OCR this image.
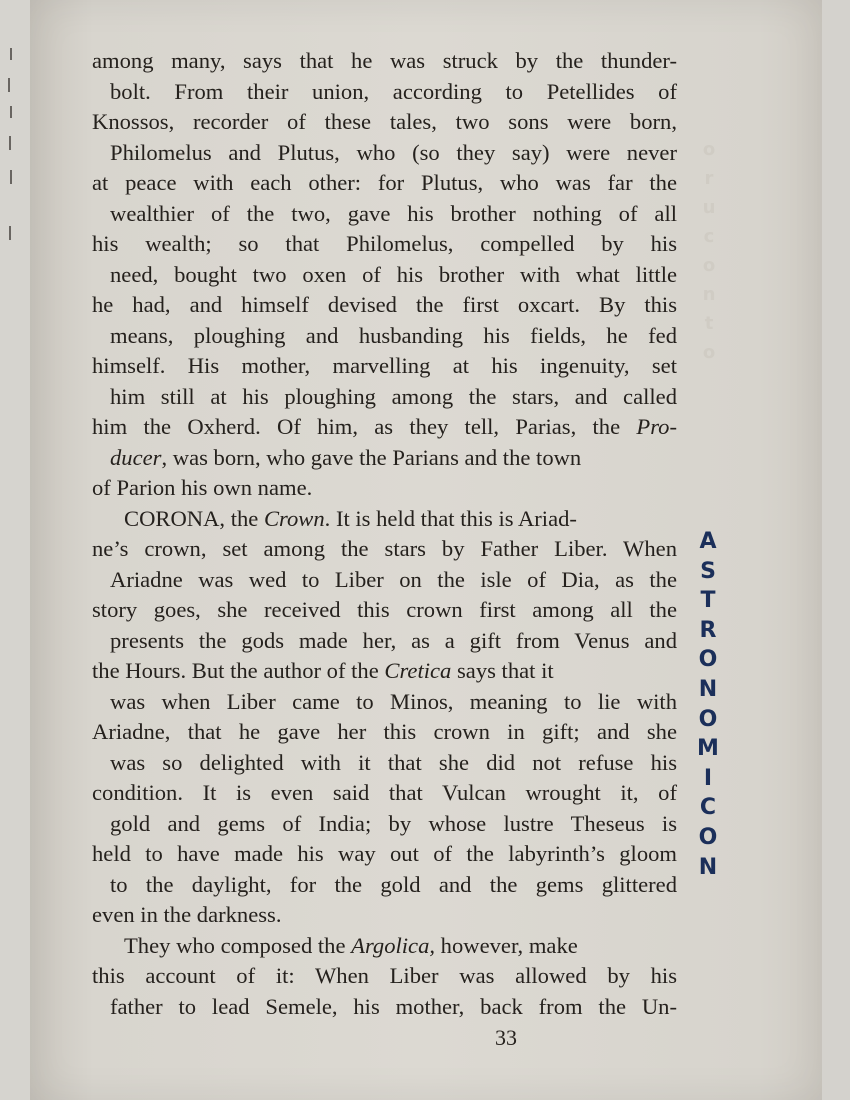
o
r
u
c
o
n
t
o
among many, says that he was struck by the thunder-
bolt. From their union, according to Petellides of
Knossos, recorder of these tales, two sons were born,
Philomelus and Plutus, who (so they say) were never
at peace with each other: for Plutus, who was far the
wealthier of the two, gave his brother nothing of all
his wealth; so that Philomelus, compelled by his
need, bought two oxen of his brother with what little
he had, and himself devised the first oxcart. By this
means, ploughing and husbanding his fields, he fed
himself. His mother, marvelling at his ingenuity, set
him still at his ploughing among the stars, and called
him the Oxherd. Of him, as they tell, Parias, the Pro-
ducer, was born, who gave the Parians and the town
of Parion his own name.
CORONA, the Crown. It is held that this is Ariad-
ne’s crown, set among the stars by Father Liber. When
Ariadne was wed to Liber on the isle of Dia, as the
story goes, she received this crown first among all the
presents the gods made her, as a gift from Venus and
the Hours. But the author of the Cretica says that it
was when Liber came to Minos, meaning to lie with
Ariadne, that he gave her this crown in gift; and she
was so delighted with it that she did not refuse his
condition. It is even said that Vulcan wrought it, of
gold and gems of India; by whose lustre Theseus is
held to have made his way out of the labyrinth’s gloom
to the daylight, for the gold and the gems glittered
even in the darkness.
They who composed the Argolica, however, make
this account of it: When Liber was allowed by his
father to lead Semele, his mother, back from the Un-
A
S
T
R
O
N
O
M
I
C
O
N
33
